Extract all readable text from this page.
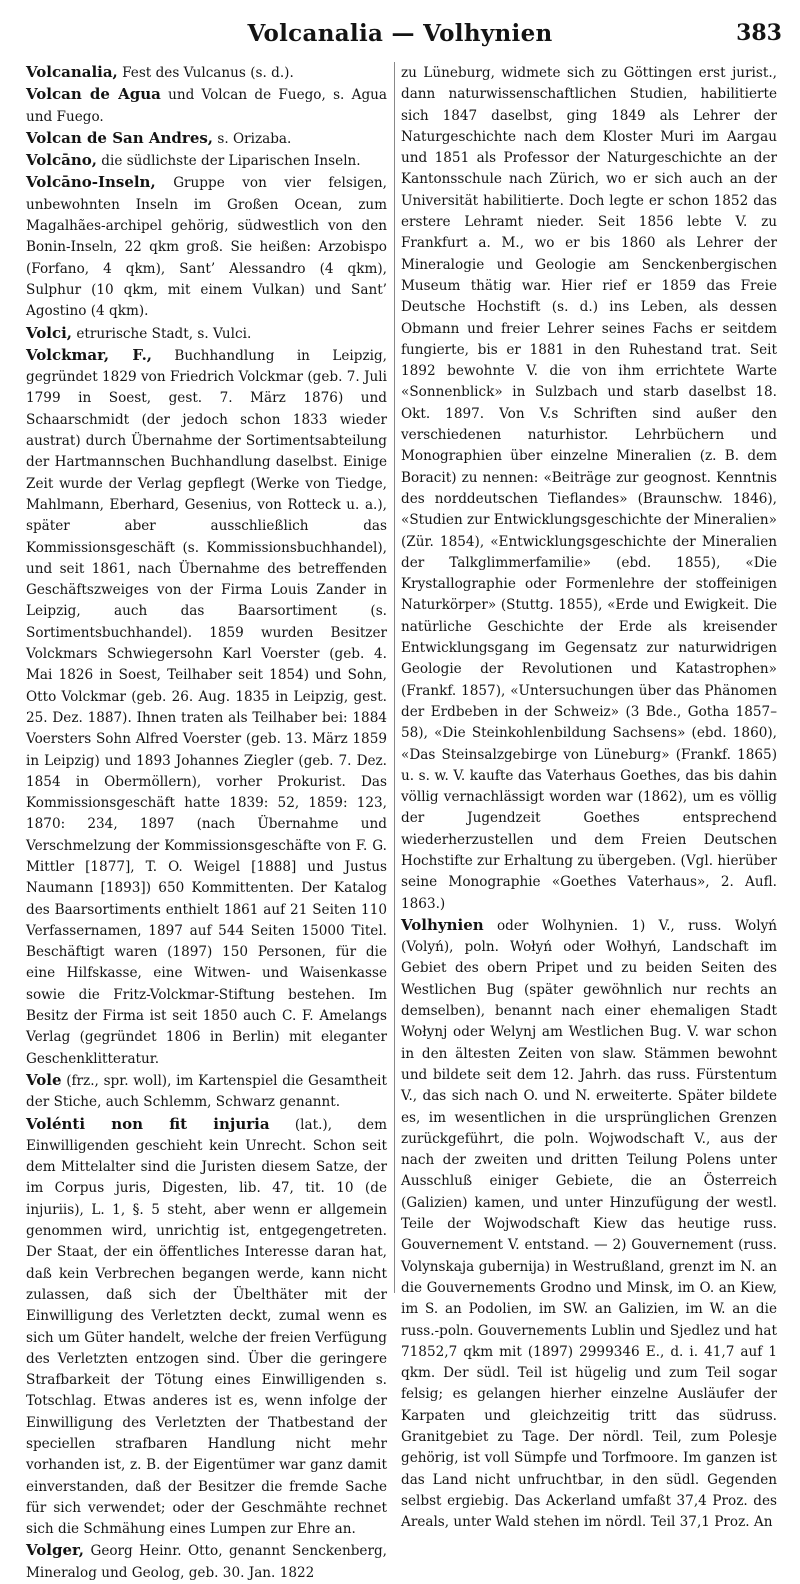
Volcanalia — Volhynien	383

Volcanalia, Fest des Vulcanus (s. d.).

Volcan de Agua und Volcan de Fuego, s. Agua und Fuego.

Volcan de San Andres, s. Orizaba.

Volcāno, die südlichste der Liparischen Inseln.

Volcāno-Inseln, Gruppe von vier felsigen, unbewohnten Inseln im Großen Ocean, zum Magalhães-archipel gehörig, südwestlich von den Bonin-Inseln, 22 qkm groß. Sie heißen: Arzobispo (Forfano, 4 qkm), Sant’ Alessandro (4 qkm), Sulphur (10 qkm, mit einem Vulkan) und Sant’ Agostino (4 qkm).

Volci, etrurische Stadt, s. Vulci.

Volckmar, F., Buchhandlung in Leipzig, gegründet 1829 von Friedrich Volckmar (geb. 7. Juli 1799 in Soest, gest. 7. März 1876) und Schaarschmidt (der jedoch schon 1833 wieder austrat) durch Übernahme der Sortimentsabteilung der Hartmannschen Buchhandlung daselbst. Einige Zeit wurde der Verlag gepflegt (Werke von Tiedge, Mahlmann, Eberhard, Gesenius, von Rotteck u. a.), später aber ausschließlich das Kommissionsgeschäft (s. Kommissionsbuchhandel), und seit 1861, nach Übernahme des betreffenden Geschäftszweiges von der Firma Louis Zander in Leipzig, auch das Baarsortiment (s. Sortimentsbuchhandel). 1859 wurden Besitzer Volckmars Schwiegersohn Karl Voerster (geb. 4. Mai 1826 in Soest, Teilhaber seit 1854) und Sohn, Otto Volckmar (geb. 26. Aug. 1835 in Leipzig, gest. 25. Dez. 1887). Ihnen traten als Teilhaber bei: 1884 Voersters Sohn Alfred Voerster (geb. 13. März 1859 in Leipzig) und 1893 Johannes Ziegler (geb. 7. Dez. 1854 in Obermöllern), vorher Prokurist. Das Kommissionsgeschäft hatte 1839: 52, 1859: 123, 1870: 234, 1897 (nach Übernahme und Verschmelzung der Kommissionsgeschäfte von F. G. Mittler [1877], T. O. Weigel [1888] und Justus Naumann [1893]) 650 Kommittenten. Der Katalog des Baarsortiments enthielt 1861 auf 21 Seiten 110 Verfassernamen, 1897 auf 544 Seiten 15000 Titel. Beschäftigt waren (1897) 150 Personen, für die eine Hilfskasse, eine Witwen- und Waisenkasse sowie die Fritz-Volckmar-Stiftung bestehen. Im Besitz der Firma ist seit 1850 auch C. F. Amelangs Verlag (gegründet 1806 in Berlin) mit eleganter Geschenklitteratur.

Vole (frz., spr. woll), im Kartenspiel die Gesamtheit der Stiche, auch Schlemm, Schwarz genannt.

Volénti non fit injuria (lat.), dem Einwilligenden geschieht kein Unrecht. Schon seit dem Mittelalter sind die Juristen diesem Satze, der im Corpus juris, Digesten, lib. 47, tit. 10 (de injuriis), L. 1, §. 5 steht, aber wenn er allgemein genommen wird, unrichtig ist, entgegengetreten. Der Staat, der ein öffentliches Interesse daran hat, daß kein Verbrechen begangen werde, kann nicht zulassen, daß sich der Übelthäter mit der Einwilligung des Verletzten deckt, zumal wenn es sich um Güter handelt, welche der freien Verfügung des Verletzten entzogen sind. Über die geringere Strafbarkeit der Tötung eines Einwilligenden s. Totschlag. Etwas anderes ist es, wenn infolge der Einwilligung des Verletzten der Thatbestand der speciellen strafbaren Handlung nicht mehr vorhanden ist, z. B. der Eigentümer war ganz damit einverstanden, daß der Besitzer die fremde Sache für sich verwendet; oder der Geschmähte rechnet sich die Schmähung eines Lumpen zur Ehre an.

Volger, Georg Heinr. Otto, genannt Senckenberg, Mineralog und Geolog, geb. 30. Jan. 1822

zu Lüneburg, widmete sich zu Göttingen erst jurist., dann naturwissenschaftlichen Studien, habilitierte sich 1847 daselbst, ging 1849 als Lehrer der Naturgeschichte nach dem Kloster Muri im Aargau und 1851 als Professor der Naturgeschichte an der Kantonsschule nach Zürich, wo er sich auch an der Universität habilitierte. Doch legte er schon 1852 das erstere Lehramt nieder. Seit 1856 lebte V. zu Frankfurt a. M., wo er bis 1860 als Lehrer der Mineralogie und Geologie am Senckenbergischen Museum thätig war. Hier rief er 1859 das Freie Deutsche Hochstift (s. d.) ins Leben, als dessen Obmann und freier Lehrer seines Fachs er seitdem fungierte, bis er 1881 in den Ruhestand trat. Seit 1892 bewohnte V. die von ihm errichtete Warte «Sonnenblick» in Sulzbach und starb daselbst 18. Okt. 1897. Von V.s Schriften sind außer den verschiedenen naturhistor. Lehrbüchern und Monographien über einzelne Mineralien (z. B. dem Boracit) zu nennen: «Beiträge zur geognost. Kenntnis des norddeutschen Tieflandes» (Braunschw. 1846), «Studien zur Entwicklungsgeschichte der Mineralien» (Zür. 1854), «Entwicklungsgeschichte der Mineralien der Talkglimmerfamilie» (ebd. 1855), «Die Krystallographie oder Formenlehre der stoffeinigen Naturkörper» (Stuttg. 1855), «Erde und Ewigkeit. Die natürliche Geschichte der Erde als kreisender Entwicklungsgang im Gegensatz zur naturwidrigen Geologie der Revolutionen und Katastrophen» (Frankf. 1857), «Untersuchungen über das Phänomen der Erdbeben in der Schweiz» (3 Bde., Gotha 1857–58), «Die Steinkohlenbildung Sachsens» (ebd. 1860), «Das Steinsalzgebirge von Lüneburg» (Frankf. 1865) u. s. w. V. kaufte das Vaterhaus Goethes, das bis dahin völlig vernachlässigt worden war (1862), um es völlig der Jugendzeit Goethes entsprechend wiederherzustellen und dem Freien Deutschen Hochstifte zur Erhaltung zu übergeben. (Vgl. hierüber seine Monographie «Goethes Vaterhaus», 2. Aufl. 1863.)

Volhynien oder Wolhynien. 1) V., russ. Wolyń (Volyń), poln. Wołyń oder Wołhyń, Landschaft im Gebiet des obern Pripet und zu beiden Seiten des Westlichen Bug (später gewöhnlich nur rechts an demselben), benannt nach einer ehemaligen Stadt Wołynj oder Welynj am Westlichen Bug. V. war schon in den ältesten Zeiten von slaw. Stämmen bewohnt und bildete seit dem 12. Jahrh. das russ. Fürstentum V., das sich nach O. und N. erweiterte. Später bildete es, im wesentlichen in die ursprünglichen Grenzen zurückgeführt, die poln. Wojwodschaft V., aus der nach der zweiten und dritten Teilung Polens unter Ausschluß einiger Gebiete, die an Österreich (Galizien) kamen, und unter Hinzufügung der westl. Teile der Wojwodschaft Kiew das heutige russ. Gouvernement V. entstand. — 2) Gouvernement (russ. Volynskaja gubernija) in Westrußland, grenzt im N. an die Gouvernements Grodno und Minsk, im O. an Kiew, im S. an Podolien, im SW. an Galizien, im W. an die russ.-poln. Gouvernements Lublin und Sjedlez und hat 71852,7 qkm mit (1897) 2999346 E., d. i. 41,7 auf 1 qkm. Der südl. Teil ist hügelig und zum Teil sogar felsig; es gelangen hierher einzelne Ausläufer der Karpaten und gleichzeitig tritt das südruss. Granitgebiet zu Tage. Der nördl. Teil, zum Polesje gehörig, ist voll Sümpfe und Torfmoore. Im ganzen ist das Land nicht unfruchtbar, in den südl. Gegenden selbst ergiebig. Das Ackerland umfaßt 37,4 Proz. des Areals, unter Wald stehen im nördl. Teil 37,1 Proz. An
